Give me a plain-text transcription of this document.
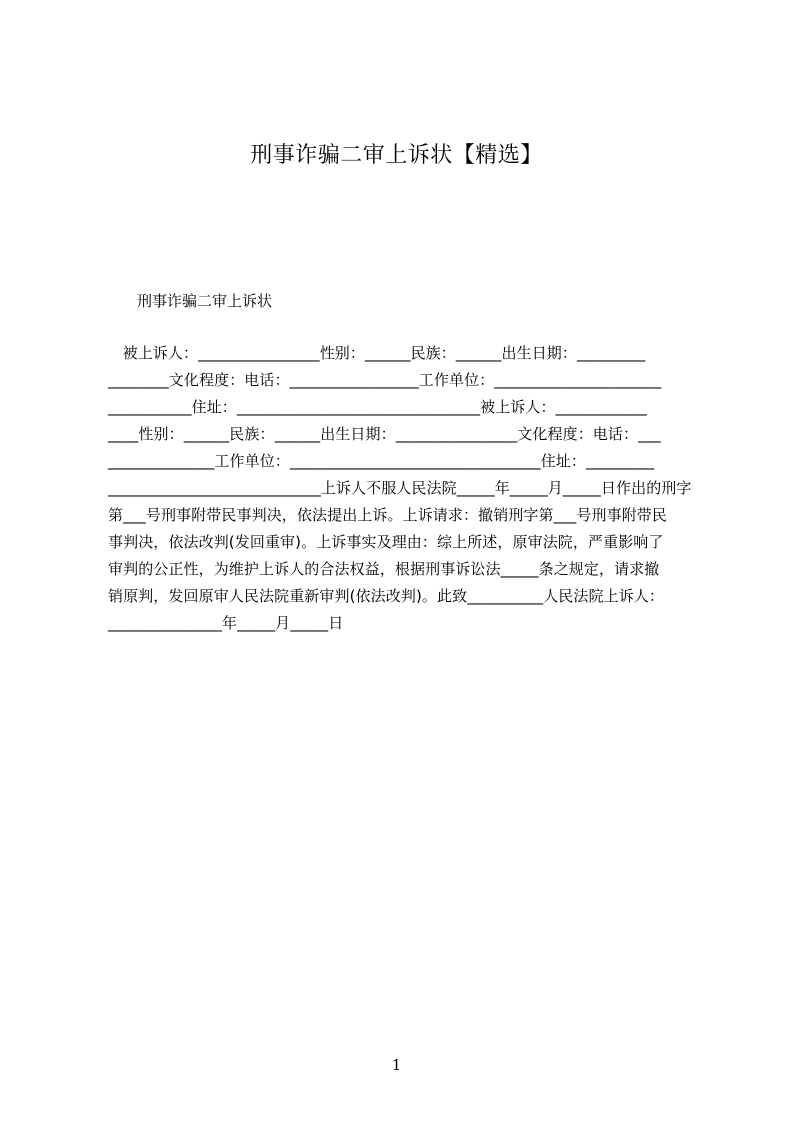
刑事诈骗二审上诉状【精选】
刑事诈骗二审上诉状
被上诉人：________________性别：______民族：______出生日期：_________
________文化程度：电话：_________________工作单位：______________________
___________住址：________________________________被上诉人：____________
____性别：______民族：______出生日期：________________文化程度：电话：___
______________工作单位：_________________________________住址：_________
____________________________上诉人不服人民法院_____年_____月_____日作出的刑字
第___号刑事附带民事判决，依法提出上诉。上诉请求：撤销刑字第___号刑事附带民
事判决，依法改判(发回重审)。上诉事实及理由：综上所述，原审法院，严重影响了
审判的公正性，为维护上诉人的合法权益，根据刑事诉讼法_____条之规定，请求撤
销原判，发回原审人民法院重新审判(依法改判)。此致__________人民法院上诉人：
_______________年_____月_____日
1
